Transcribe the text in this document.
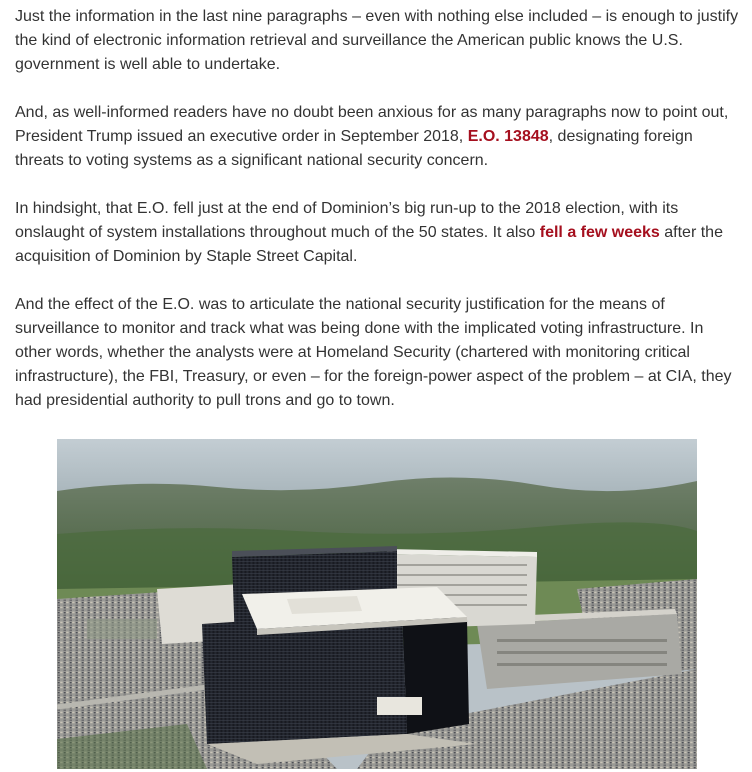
Just the information in the last nine paragraphs – even with nothing else included – is enough to justify the kind of electronic information retrieval and surveillance the American public knows the U.S. government is well able to undertake.

And, as well-informed readers have no doubt been anxious for as many paragraphs now to point out, President Trump issued an executive order in September 2018, E.O. 13848, designating foreign threats to voting systems as a significant national security concern.

In hindsight, that E.O. fell just at the end of Dominion’s big run-up to the 2018 election, with its onslaught of system installations throughout much of the 50 states. It also fell a few weeks after the acquisition of Dominion by Staple Street Capital.

And the effect of the E.O. was to articulate the national security justification for the means of surveillance to monitor and track what was being done with the implicated voting infrastructure. In other words, whether the analysts were at Homeland Security (chartered with monitoring critical infrastructure), the FBI, Treasury, or even – for the foreign-power aspect of the problem – at CIA, they had presidential authority to pull trons and go to town.
